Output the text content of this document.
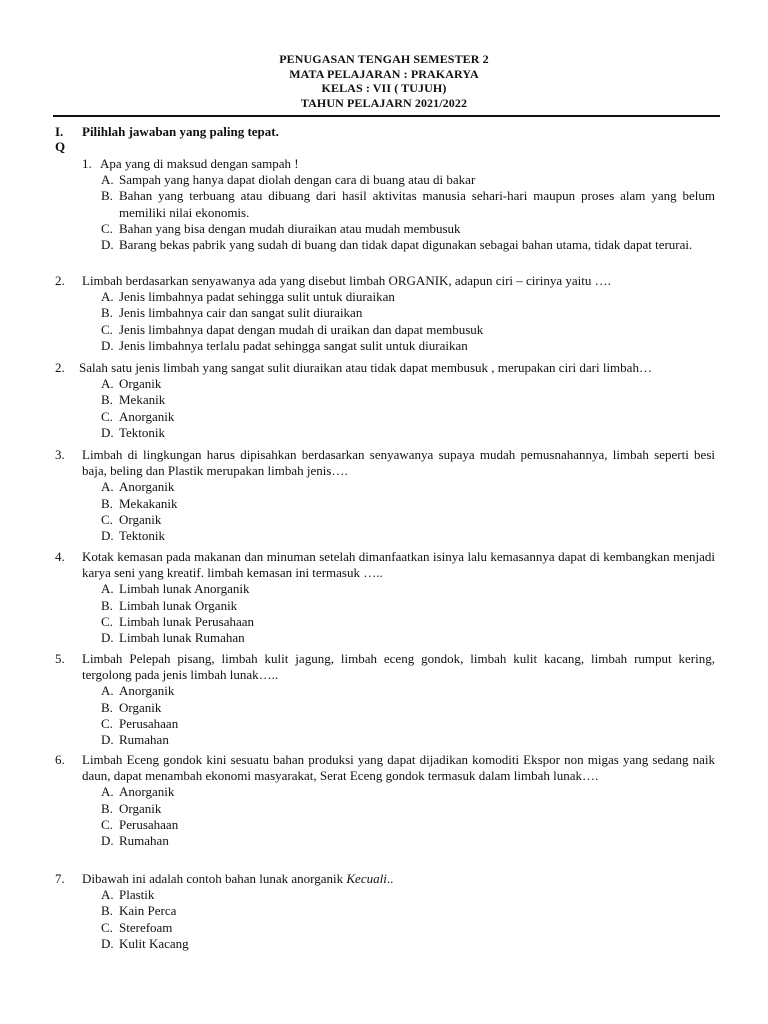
PENUGASAN TENGAH SEMESTER 2
MATA PELAJARAN : PRAKARYA
KELAS : VII ( TUJUH)
TAHUN PELAJARN 2021/2022
I. Pilihlah jawaban yang paling tepat.
Q
1. Apa yang di maksud dengan sampah !
A. Sampah yang hanya dapat diolah dengan cara di buang atau di bakar
B. Bahan yang terbuang atau dibuang dari hasil aktivitas manusia sehari-hari maupun proses alam yang belum memiliki nilai ekonomis.
C. Bahan yang bisa dengan mudah diuraikan atau mudah membusuk
D. Barang bekas pabrik yang sudah di buang dan tidak dapat digunakan sebagai bahan utama, tidak dapat terurai.
2.	Limbah berdasarkan senyawanya ada yang disebut limbah ORGANIK, adapun ciri – cirinya yaitu ….
A. Jenis limbahnya padat sehingga sulit untuk diuraikan
B. Jenis limbahnya cair dan sangat sulit diuraikan
C. Jenis limbahnya dapat dengan mudah di uraikan dan dapat membusuk
D. Jenis limbahnya terlalu padat sehingga sangat sulit untuk diuraikan
2.	Salah satu jenis limbah yang sangat sulit diuraikan atau tidak dapat membusuk , merupakan ciri dari limbah…
A. Organik
B. Mekanik
C. Anorganik
D. Tektonik
3.	Limbah di lingkungan harus dipisahkan berdasarkan senyawanya supaya mudah pemusnahannya, limbah seperti besi baja, beling dan Plastik merupakan limbah jenis….
A. Anorganik
B. Mekakanik
C. Organik
D. Tektonik
4.	Kotak kemasan pada makanan dan minuman setelah dimanfaatkan isinya lalu kemasannya dapat di kembangkan menjadi karya seni yang kreatif. limbah kemasan ini termasuk …..
A. Limbah lunak Anorganik
B. Limbah lunak Organik
C. Limbah lunak Perusahaan
D. Limbah lunak Rumahan
5.	Limbah Pelepah pisang, limbah kulit jagung, limbah eceng gondok, limbah kulit kacang, limbah rumput kering, tergolong pada jenis limbah lunak…..
A. Anorganik
B. Organik
C. Perusahaan
D. Rumahan
6.	Limbah Eceng gondok kini sesuatu bahan produksi yang dapat dijadikan komoditi Ekspor non migas yang sedang naik daun, dapat menambah ekonomi masyarakat, Serat Eceng gondok termasuk dalam limbah lunak….
A. Anorganik
B. Organik
C. Perusahaan
D. Rumahan
7.	Dibawah ini adalah contoh bahan lunak anorganik Kecuali..
A. Plastik
B. Kain Perca
C. Sterefoam
D. Kulit Kacang
